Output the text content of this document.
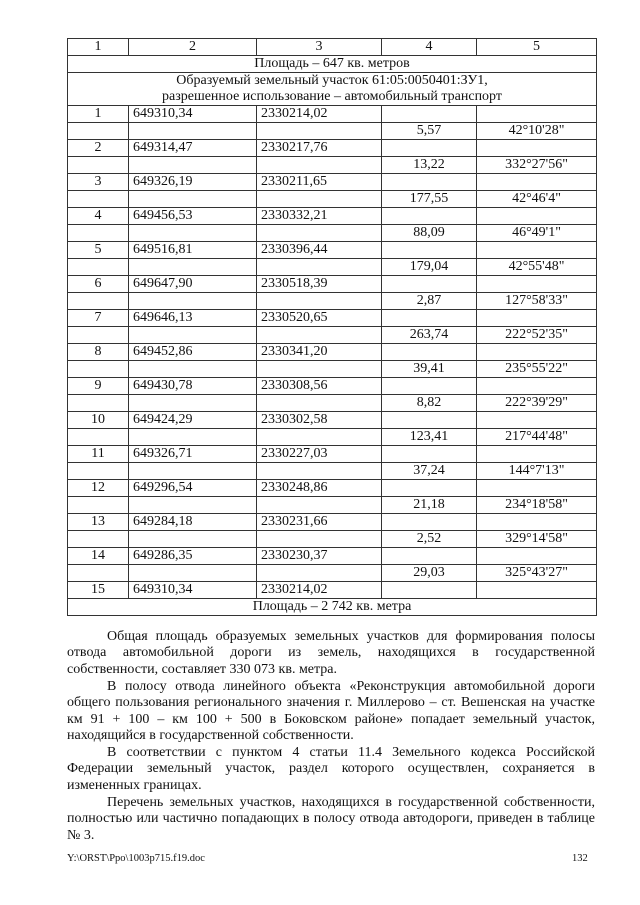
1	2	3	4	5
Площадь – 647 кв. метров				

Образуемый земельный участок 61:05:0050401:ЗУ1,
разрешенное использование – автомобильный транспорт				

1	649310,34	2330214,02		
			5,57	42°10'28"
2	649314,47	2330217,76		
			13,22	332°27'56"
3	649326,19	2330211,65		
			177,55	42°46'4"
4	649456,53	2330332,21		
			88,09	46°49'1"
5	649516,81	2330396,44		
			179,04	42°55'48"
6	649647,90	2330518,39		
			2,87	127°58'33"
7	649646,13	2330520,65		
			263,74	222°52'35"
8	649452,86	2330341,20		
			39,41	235°55'22"
9	649430,78	2330308,56		
			8,82	222°39'29"
10	649424,29	2330302,58		
			123,41	217°44'48"
11	649326,71	2330227,03		
			37,24	144°7'13"
12	649296,54	2330248,86		
			21,18	234°18'58"
13	649284,18	2330231,66		
			2,52	329°14'58"
14	649286,35	2330230,37		
			29,03	325°43'27"
15	649310,34	2330214,02		
Площадь – 2 742 кв. метра				

Общая площадь образуемых земельных участков для формирования полосы отвода автомобильной дороги из земель, находящихся в государственной собственности, составляет 330 073 кв. метра.

В полосу отвода линейного объекта «Реконструкция автомобильной дороги общего пользования регионального значения г. Миллерово – ст. Вешенская на участке км 91 + 100 – км 100 + 500 в Боковском районе» попадает земельный участок, находящийся в государственной собственности.

В соответствии с пунктом 4 статьи 11.4 Земельного кодекса Российской Федерации земельный участок, раздел которого осуществлен, сохраняется в измененных границах.

Перечень земельных участков, находящихся в государственной собственности, полностью или частично попадающих в полосу отвода автодороги, приведен в таблице № 3.

Y:\ORST\Ppo\1003p715.f19.doc	132
